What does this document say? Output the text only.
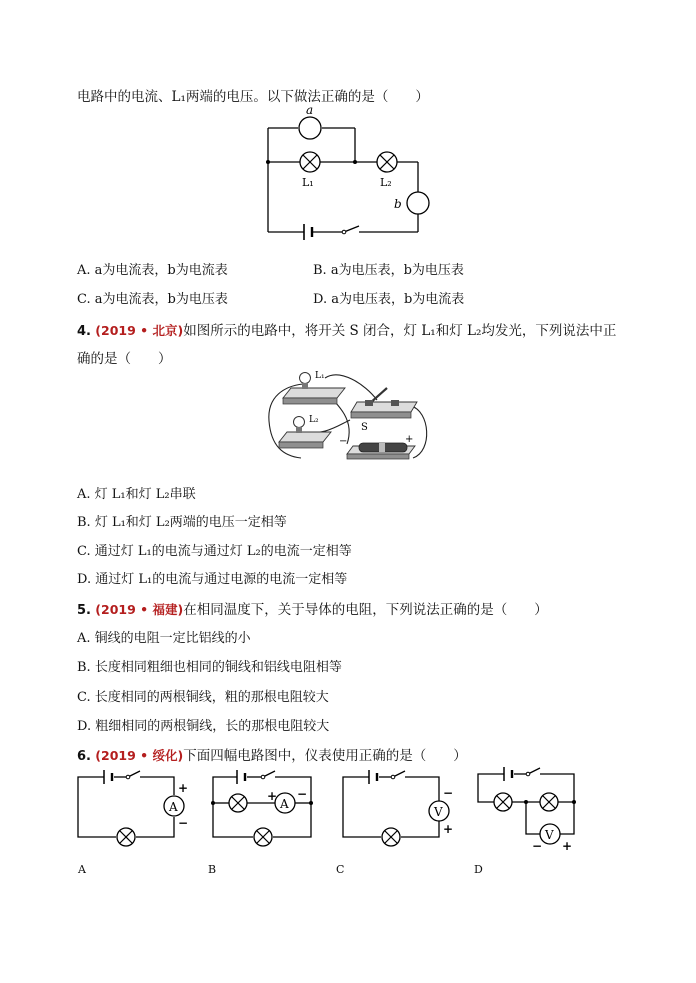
电路中的电流、L₁两端的电压。以下做法正确的是（　　）
a
L₁	L₂
b
A. a为电流表，b为电流表	B. a为电压表，b为电压表
C. a为电流表，b为电压表	D. a为电压表，b为电流表
4. (2019 • 北京)如图所示的电路中，将开关 S 闭合，灯 L₁和灯 L₂均发光，下列说法中正
确的是（　　）
L₁
L₂
S
−	+
A. 灯 L₁和灯 L₂串联
B. 灯 L₁和灯 L₂两端的电压一定相等
C. 通过灯 L₁的电流与通过灯 L₂的电流一定相等
D. 通过灯 L₁的电流与通过电源的电流一定相等
5. (2019 • 福建)在相同温度下，关于导体的电阻，下列说法正确的是（　　）
A. 铜线的电阻一定比铝线的小
B. 长度相同粗细也相同的铜线和铝线电阻相等
C. 长度相同的两根铜线，粗的那根电阻较大
D. 粗细相同的两根铜线，长的那根电阻较大
6. (2019 • 绥化)下面四幅电路图中，仪表使用正确的是（　　）
A
+
−
A
A
+ −
B
V
−
+
C
V
− +
D
